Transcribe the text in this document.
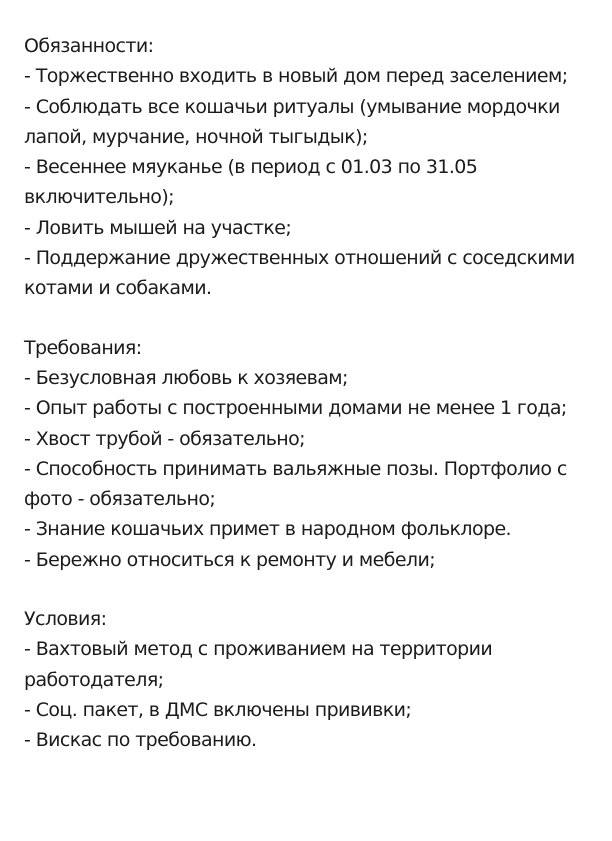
Обязанности:

- Торжественно входить в новый дом перед заселением;
- Соблюдать все кошачьи ритуалы (умывание мордочки лапой, мурчание, ночной тыгыдык);
- Весеннее мяуканье (в период с 01.03 по 31.05 включительно);
- Ловить мышей на участке;
- Поддержание дружественных отношений с соседскими котами и собаками.

Требования:

- Безусловная любовь к хозяевам;
- Опыт работы с построенными домами не менее 1 года;
- Хвост трубой - обязательно;
- Способность принимать вальяжные позы. Портфолио с фото - обязательно;
- Знание кошачьих примет в народном фольклоре.
- Бережно относиться к ремонту и мебели;

Условия:

- Вахтовый метод с проживанием на территории работодателя;
- Соц. пакет, в ДМС включены прививки;
- Вискас по требованию.
